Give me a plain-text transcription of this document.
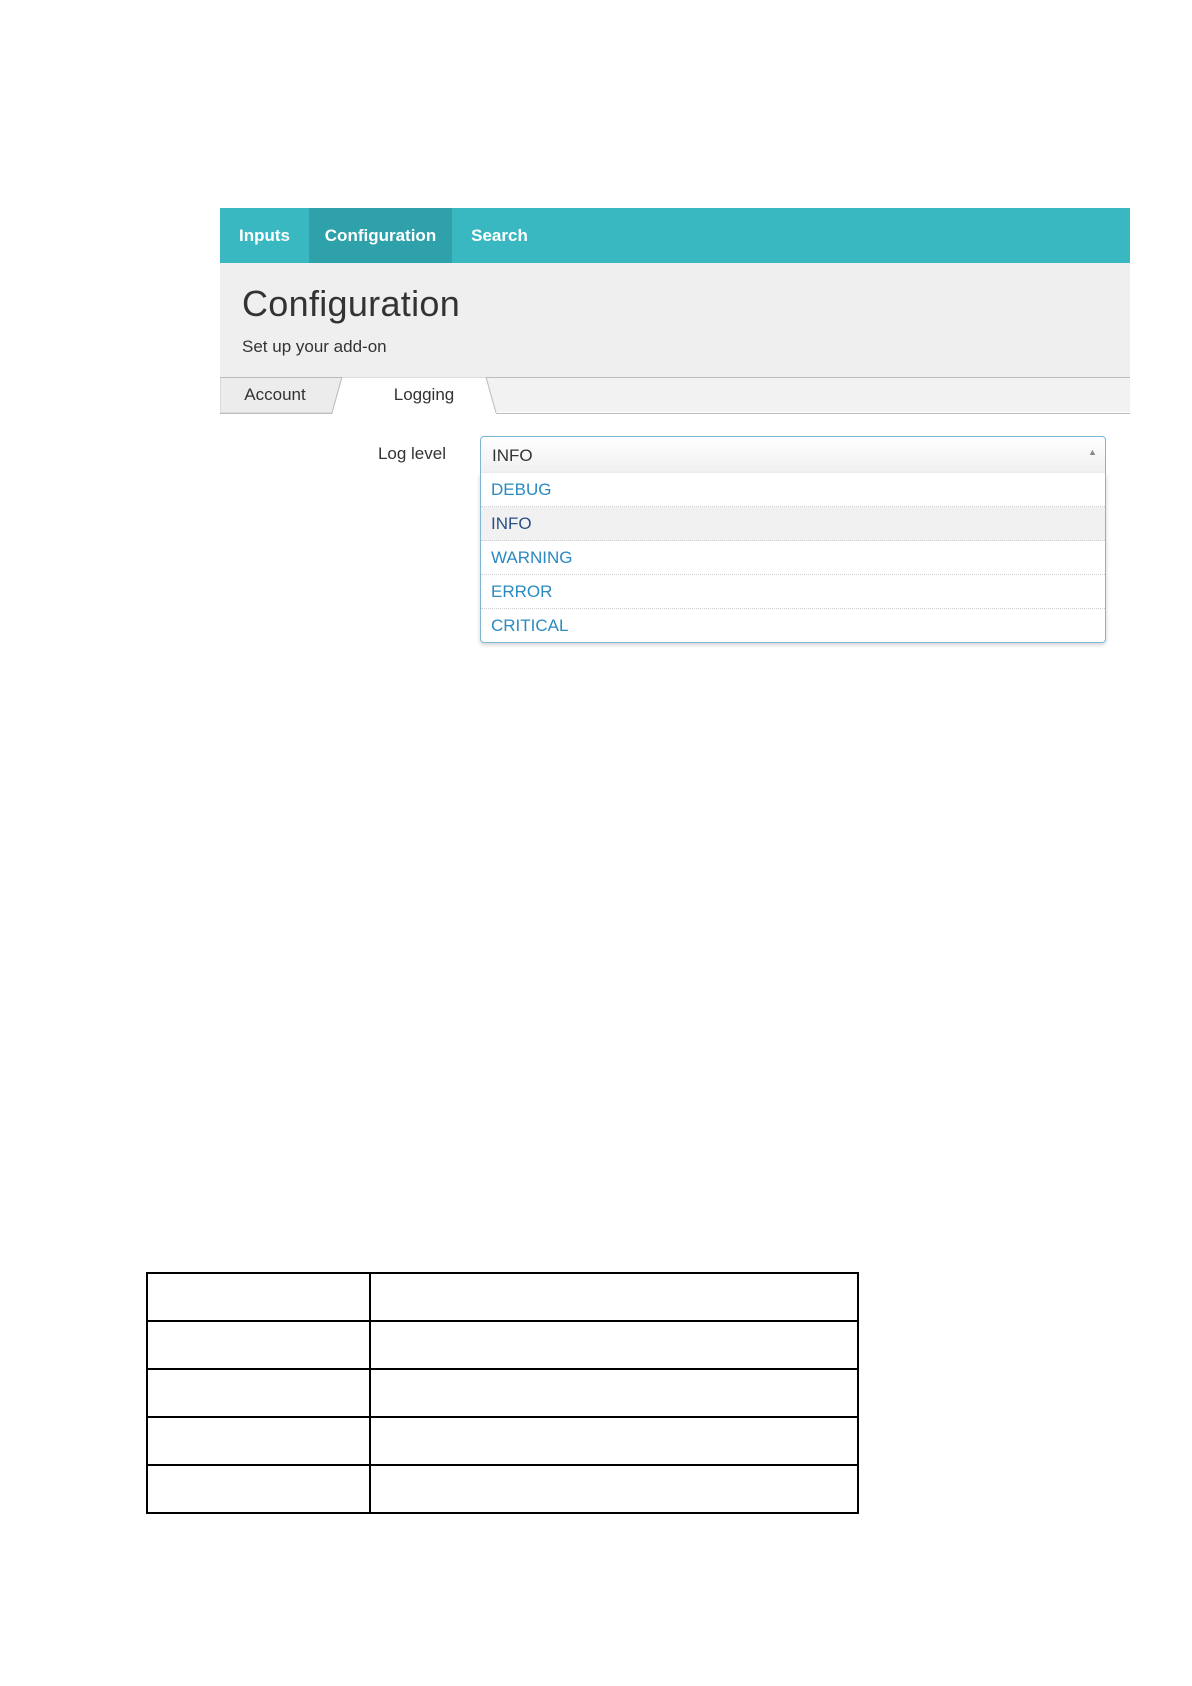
Inputs	Configuration	Search
Configuration
Set up your add-on
Account	Logging
Log level	INFO	▲
DEBUG
INFO
WARNING
ERROR
CRITICAL
